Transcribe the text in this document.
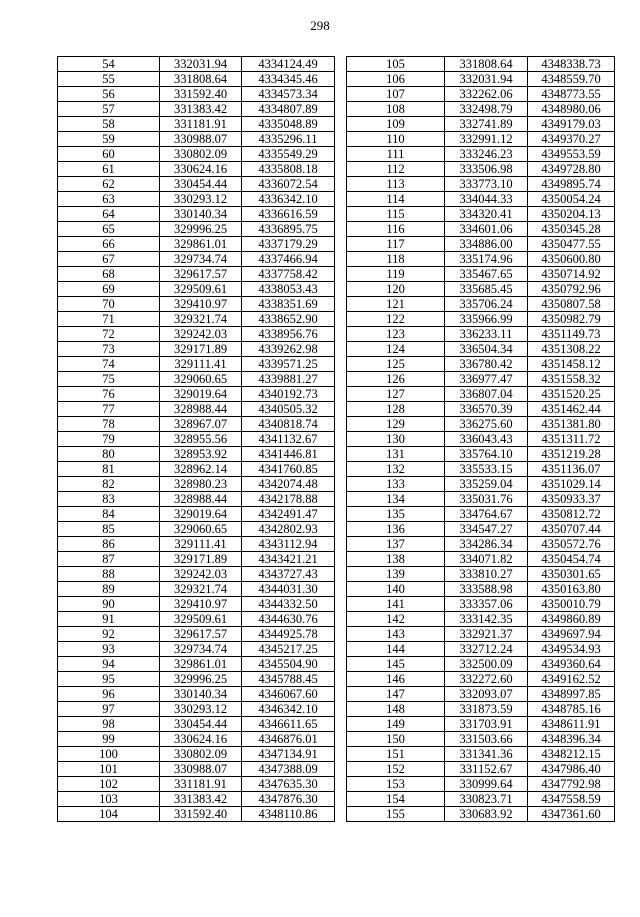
298
54	332031.94	4334124.49
55	331808.64	4334345.46
56	331592.40	4334573.34
57	331383.42	4334807.89
58	331181.91	4335048.89
59	330988.07	4335296.11
60	330802.09	4335549.29
61	330624.16	4335808.18
62	330454.44	4336072.54
63	330293.12	4336342.10
64	330140.34	4336616.59
65	329996.25	4336895.75
66	329861.01	4337179.29
67	329734.74	4337466.94
68	329617.57	4337758.42
69	329509.61	4338053.43
70	329410.97	4338351.69
71	329321.74	4338652.90
72	329242.03	4338956.76
73	329171.89	4339262.98
74	329111.41	4339571.25
75	329060.65	4339881.27
76	329019.64	4340192.73
77	328988.44	4340505.32
78	328967.07	4340818.74
79	328955.56	4341132.67
80	328953.92	4341446.81
81	328962.14	4341760.85
82	328980.23	4342074.48
83	328988.44	4342178.88
84	329019.64	4342491.47
85	329060.65	4342802.93
86	329111.41	4343112.94
87	329171.89	4343421.21
88	329242.03	4343727.43
89	329321.74	4344031.30
90	329410.97	4344332.50
91	329509.61	4344630.76
92	329617.57	4344925.78
93	329734.74	4345217.25
94	329861.01	4345504.90
95	329996.25	4345788.45
96	330140.34	4346067.60
97	330293.12	4346342.10
98	330454.44	4346611.65
99	330624.16	4346876.01
100	330802.09	4347134.91
101	330988.07	4347388.09
102	331181.91	4347635.30
103	331383.42	4347876.30
104	331592.40	4348110.86
105	331808.64	4348338.73
106	332031.94	4348559.70
107	332262.06	4348773.55
108	332498.79	4348980.06
109	332741.89	4349179.03
110	332991.12	4349370.27
111	333246.23	4349553.59
112	333506.98	4349728.80
113	333773.10	4349895.74
114	334044.33	4350054.24
115	334320.41	4350204.13
116	334601.06	4350345.28
117	334886.00	4350477.55
118	335174.96	4350600.80
119	335467.65	4350714.92
120	335685.45	4350792.96
121	335706.24	4350807.58
122	335966.99	4350982.79
123	336233.11	4351149.73
124	336504.34	4351308.22
125	336780.42	4351458.12
126	336977.47	4351558.32
127	336807.04	4351520.25
128	336570.39	4351462.44
129	336275.60	4351381.80
130	336043.43	4351311.72
131	335764.10	4351219.28
132	335533.15	4351136.07
133	335259.04	4351029.14
134	335031.76	4350933.37
135	334764.67	4350812.72
136	334547.27	4350707.44
137	334286.34	4350572.76
138	334071.82	4350454.74
139	333810.27	4350301.65
140	333588.98	4350163.80
141	333357.06	4350010.79
142	333142.35	4349860.89
143	332921.37	4349697.94
144	332712.24	4349534.93
145	332500.09	4349360.64
146	332272.60	4349162.52
147	332093.07	4348997.85
148	331873.59	4348785.16
149	331703.91	4348611.91
150	331503.66	4348396.34
151	331341.36	4348212.15
152	331152.67	4347986.40
153	330999.64	4347792.98
154	330823.71	4347558.59
155	330683.92	4347361.60
